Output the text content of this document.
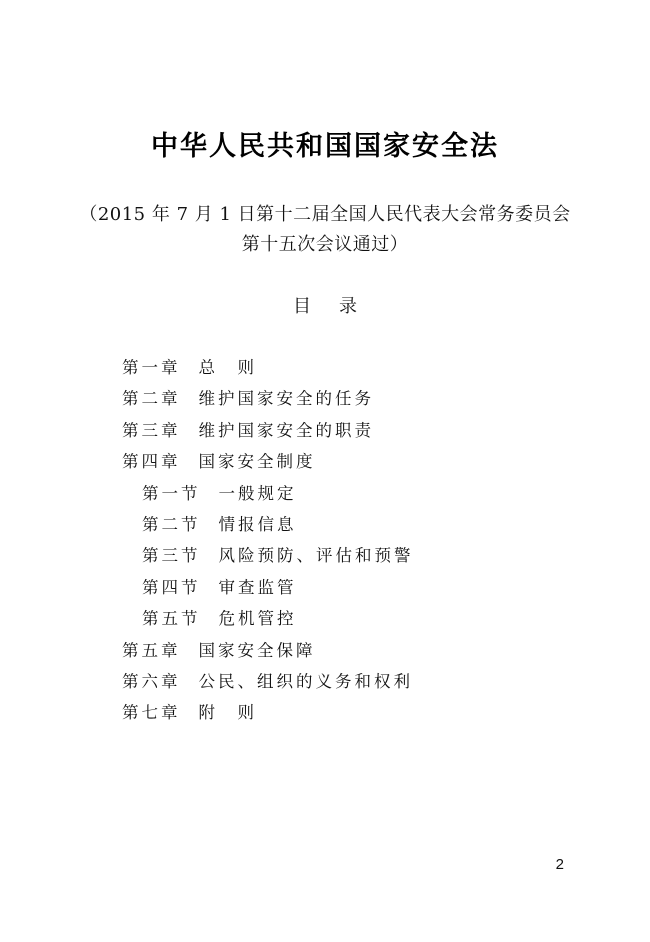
中华人民共和国国家安全法
（2015 年 7 月 1 日第十二届全国人民代表大会常务委员会
第十五次会议通过）
目 录
第一章 总　则
第二章 维护国家安全的任务
第三章 维护国家安全的职责
第四章 国家安全制度
第一节 一般规定
第二节 情报信息
第三节 风险预防、评估和预警
第四节 审查监管
第五节 危机管控
第五章 国家安全保障
第六章 公民、组织的义务和权利
第七章 附　则
2
